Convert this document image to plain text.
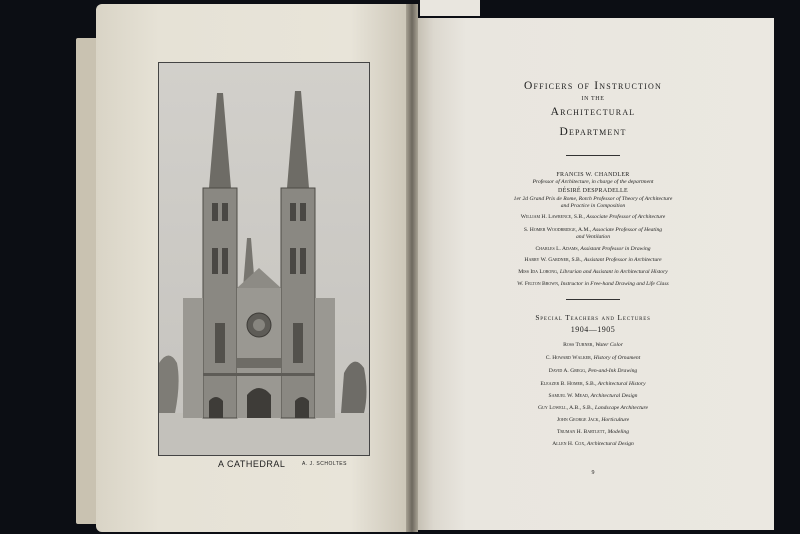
A CATHEDRAL	A. J. SCHOLTES
Officers of Instruction
IN THE
Architectural
Department
FRANCIS W. CHANDLER
Professor of Architecture, in charge of the department
DÉSIRÉ DESPRADELLE
1er 2d Grand Prix de Rome, Rotch Professor of Theory of Architecture
and Practice in Composition
William H. Lawrence, S.B., Associate Professor of Architecture
S. Homer Woodbridge, A.M., Associate Professor of Heating
and Ventilation
Charles L. Adams, Assistant Professor in Drawing
Harry W. Gardner, S.B., Assistant Professor in Architecture
Miss Ida Lorong, Librarian and Assistant in Architectural History
W. Felton Brown, Instructor in Free-hand Drawing and Life Class
Special Teachers and Lectures
1904—1905
Ross Turner, Water Color
C. Howard Walker, History of Ornament
David A. Gregg, Pen-and-Ink Drawing
Eleazer B. Homer, S.B., Architectural History
Samuel W. Mead, Architectural Design
Guy Lowell, A.B., S.B., Landscape Architecture
John George Jack, Horticulture
Truman H. Bartlett, Modeling
Allen H. Cox, Architectural Design
9
